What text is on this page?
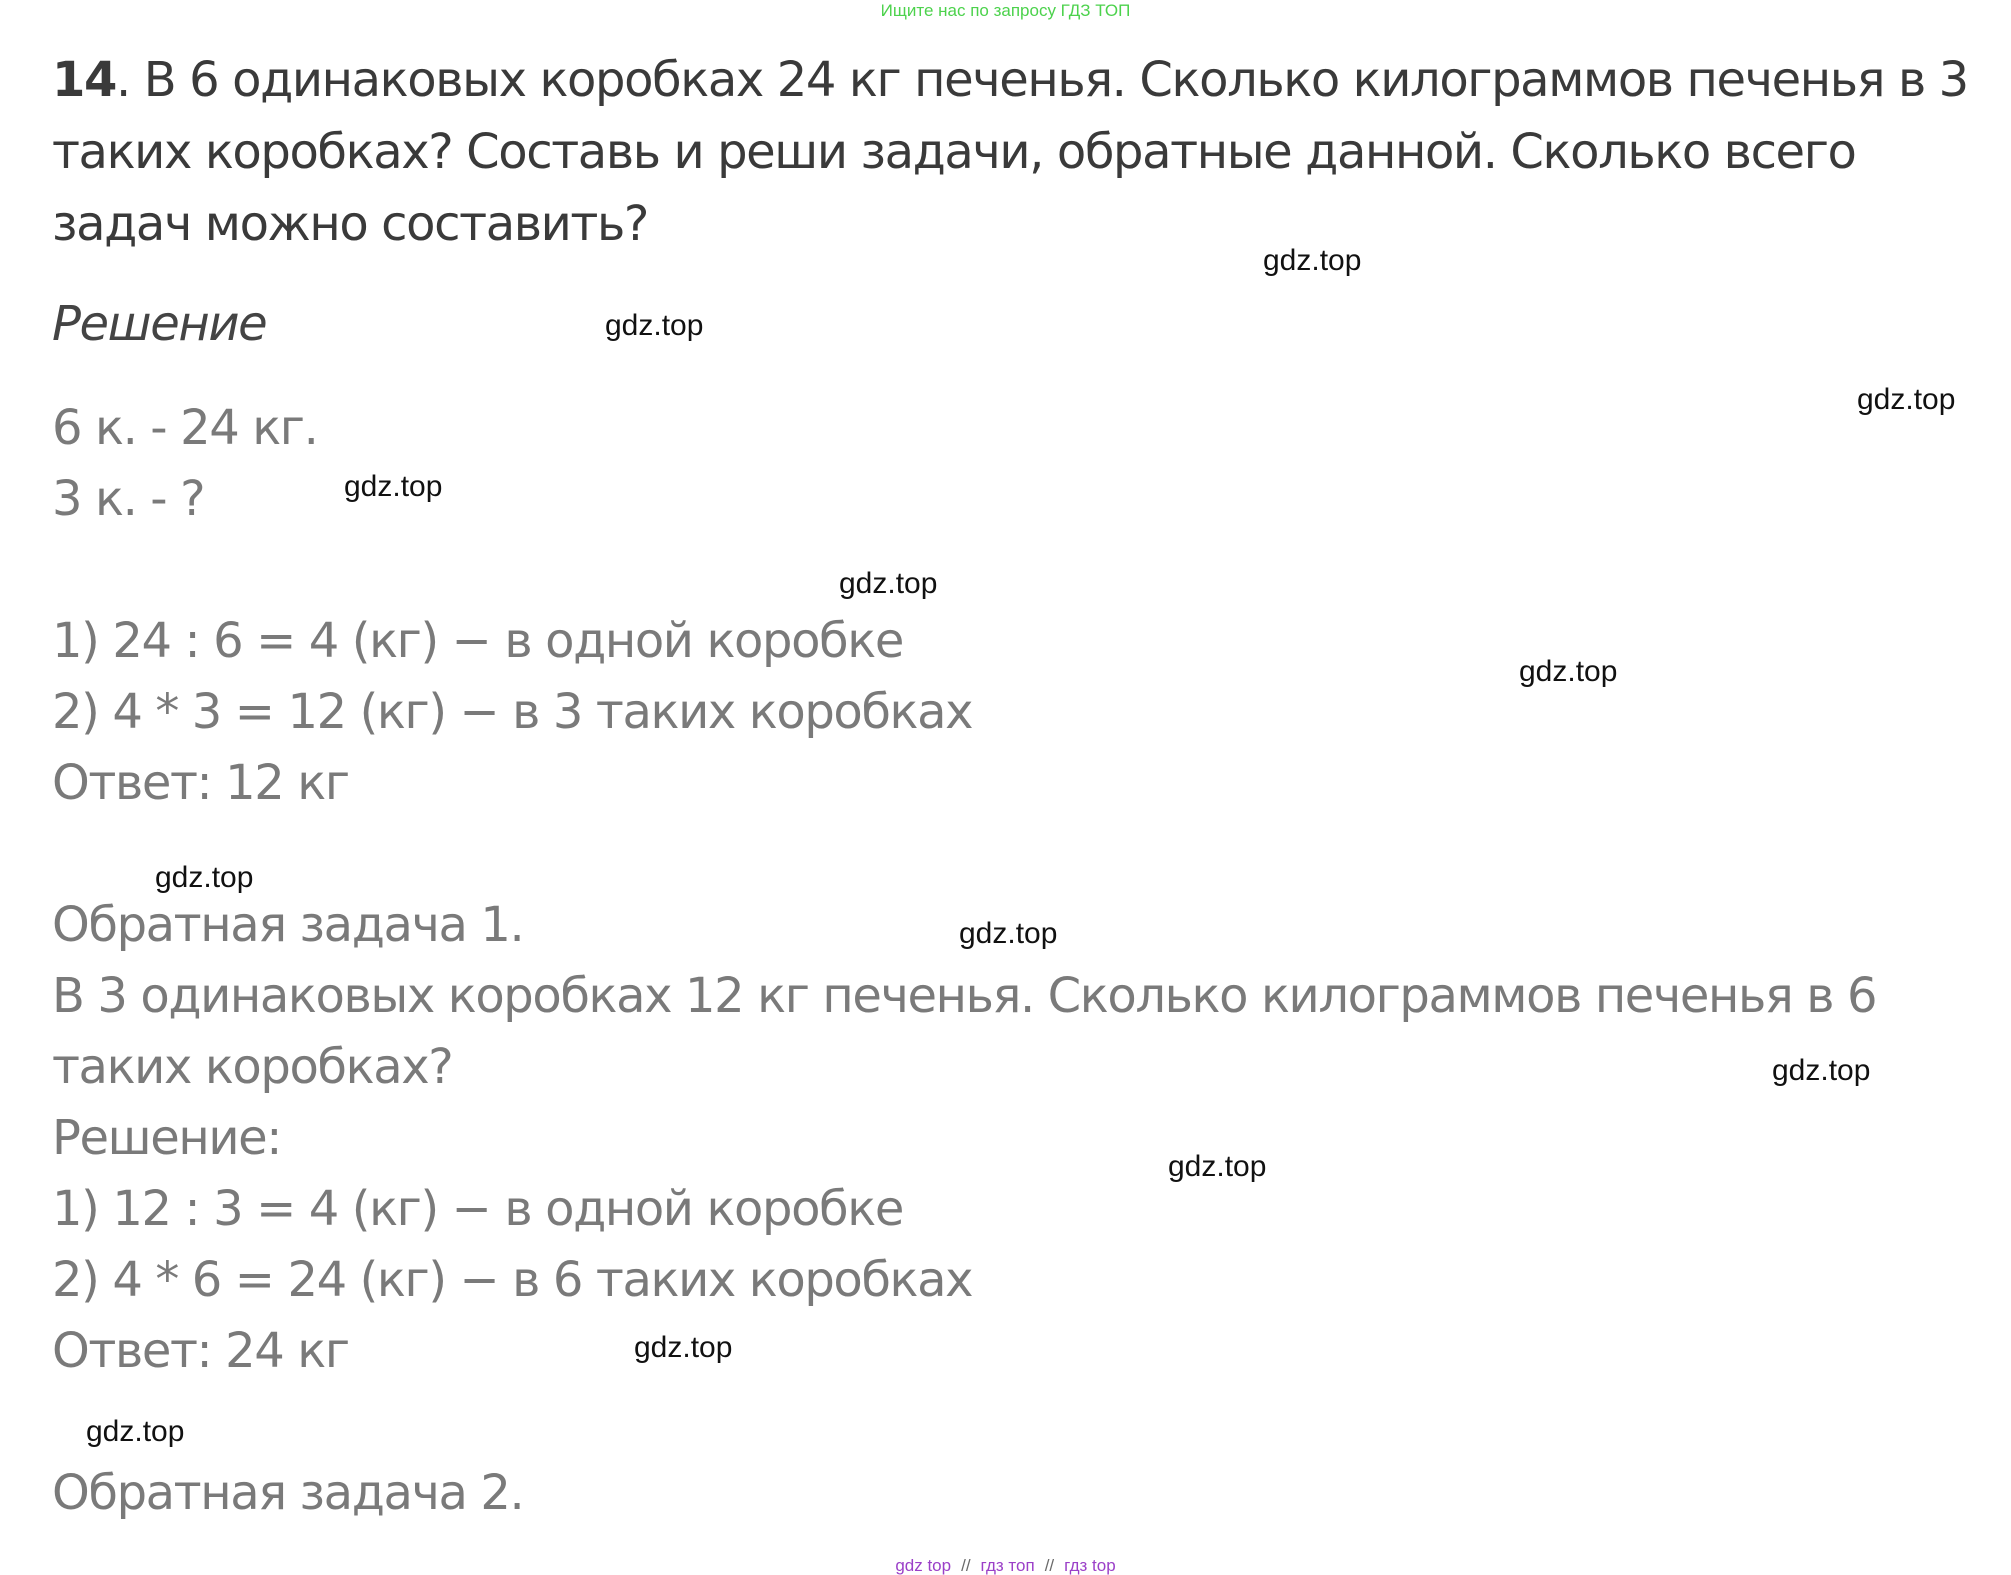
Ищите нас по запросу ГДЗ ТОП
14. В 6 одинаковых коробках 24 кг печенья. Сколько килограммов печенья в 3 таких коробках? Составь и реши задачи, обратные данной. Сколько всего задач можно составить?
Решение
6 к. - 24 кг.
3 к. - ?
1) 24 : 6 = 4 (кг) − в одной коробке
2) 4 * 3 = 12 (кг) − в 3 таких коробках
Ответ: 12 кг
Обратная задача 1.
В 3 одинаковых коробках 12 кг печенья. Сколько килограммов печенья в 6
таких коробках?
Решение:
1) 12 : 3 = 4 (кг) − в одной коробке
2) 4 * 6 = 24 (кг) − в 6 таких коробках
Ответ: 24 кг
Обратная задача 2.
gdz.top
gdz.top
gdz.top
gdz.top
gdz.top
gdz.top
gdz.top
gdz.top
gdz.top
gdz.top
gdz.top
gdz.top
gdz top // гдз топ // гдз top
